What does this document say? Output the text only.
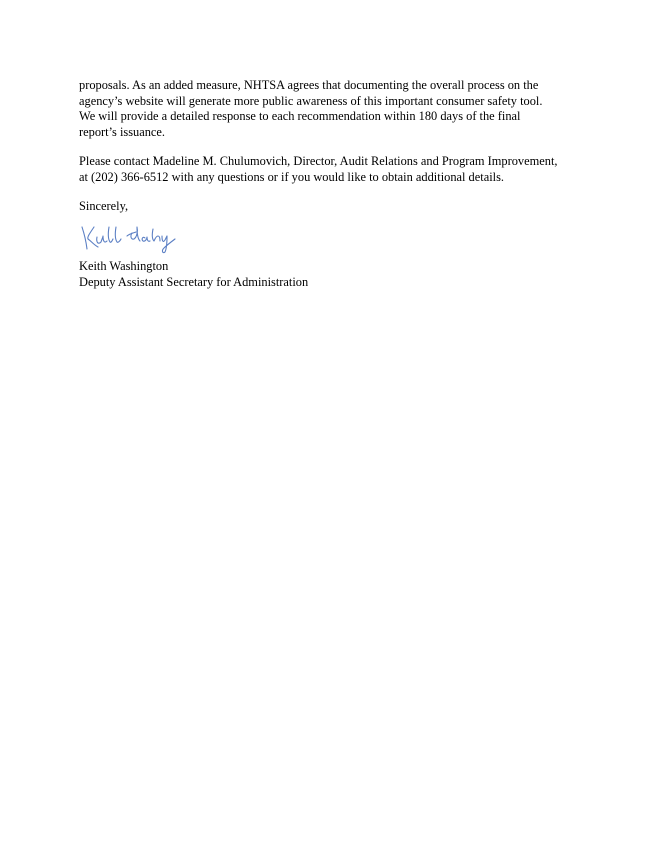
proposals. As an added measure, NHTSA agrees that documenting the overall process on the
agency’s website will generate more public awareness of this important consumer safety tool.
We will provide a detailed response to each recommendation within 180 days of the final
report’s issuance.
Please contact Madeline M. Chulumovich, Director, Audit Relations and Program Improvement,
at (202) 366-6512 with any questions or if you would like to obtain additional details.
Sincerely,
Keith Washington
Deputy Assistant Secretary for Administration
